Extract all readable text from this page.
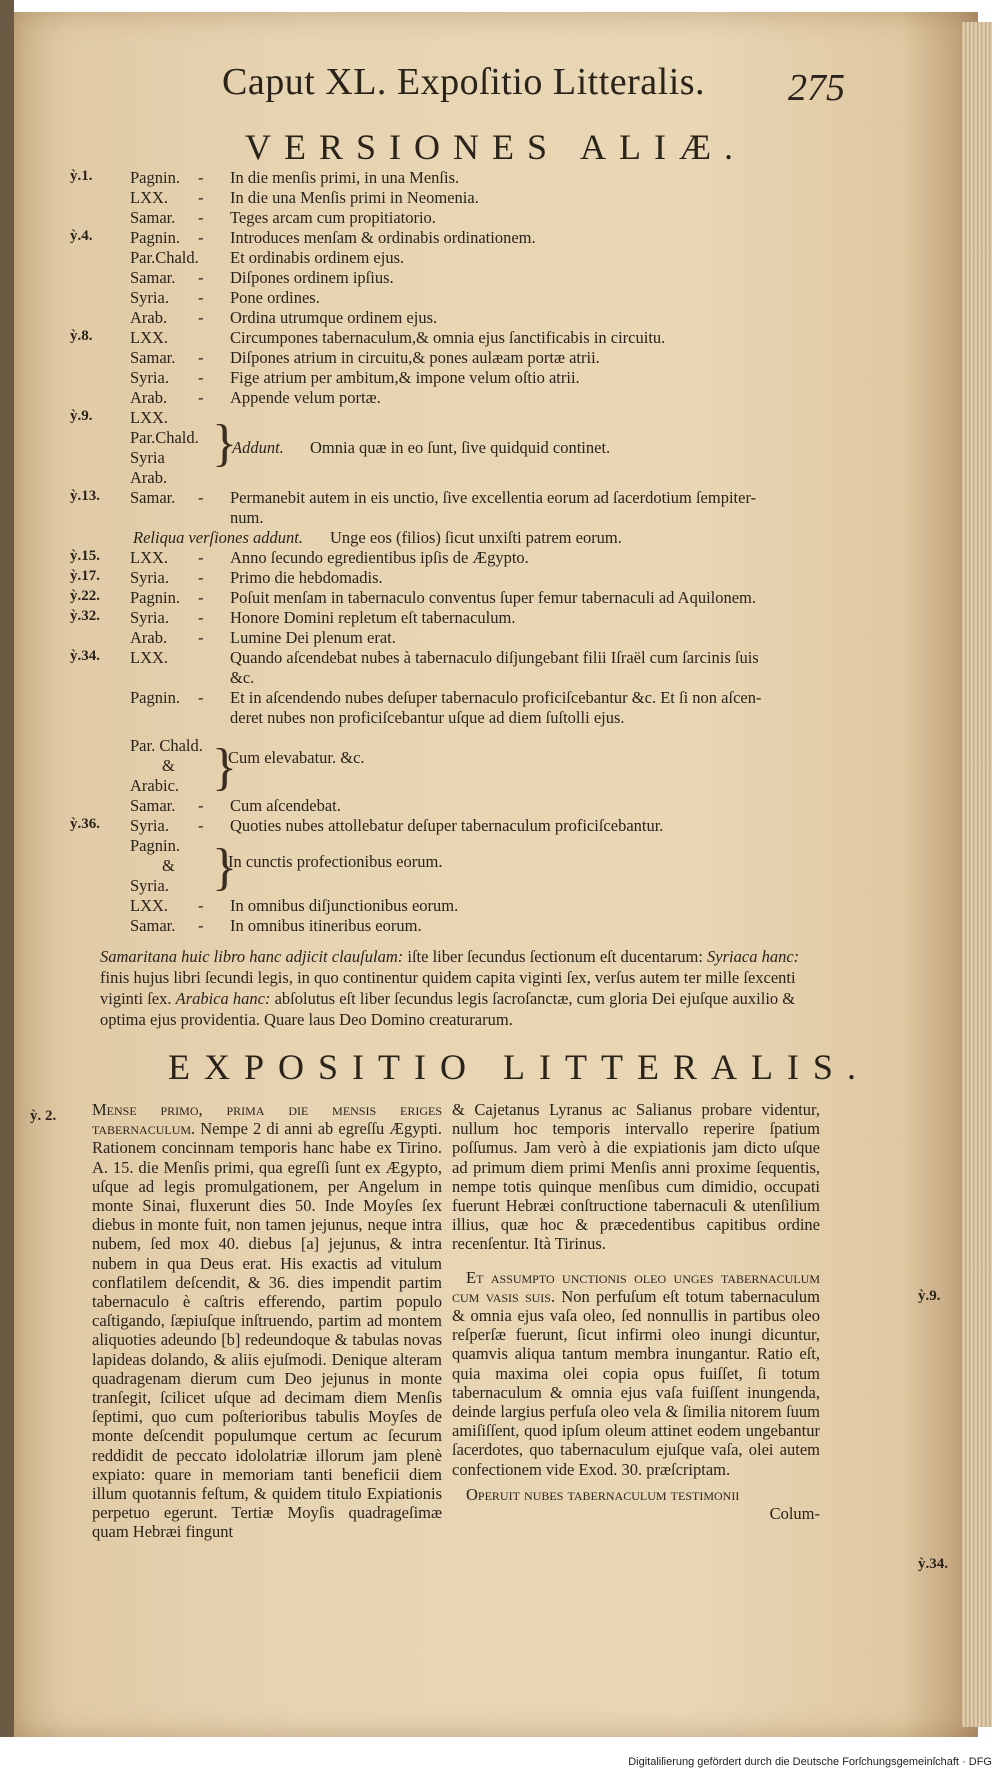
Caput XL. Expoſitio Litteralis. 275
VERSIONES ALIÆ.
ỳ.1. Pagnin. - In die menſis primi, in una Menſis.
LXX. - In die una Menſis primi in Neomenia.
Samar. - Teges arcam cum propitiatorio.
ỳ.4. Pagnin. - Introduces menſam & ordinabis ordinationem.
Par.Chald. Et ordinabis ordinem ejus.
Samar. - Diſpones ordinem ipſius.
Syria. - Pone ordines.
Arab. - Ordina utrumque ordinem ejus.
ỳ.8. LXX.	Circumpones tabernaculum,& omnia ejus ſanctificabis in circuitu.
Samar. - Diſpones atrium in circuitu,& pones aulæam portæ atrii.
Syria. - Fige atrium per ambitum,& impone velum oſtio atrii.
Arab. - Appende velum portæ.
ỳ.9. LXX.
Par.Chald.
Syria
Arab.
}
Addunt. Omnia quæ in eo ſunt, ſive quidquid continet.
ỳ.13. Samar. - Permanebit autem in eis unctio, ſive excellentia eorum ad ſacerdotium ſempiter-
num.
Reliqua verſiones addunt. Unge eos (filios) ſicut unxiſti patrem eorum.
ỳ.15. LXX. - Anno ſecundo egredientibus ipſis de Ægypto.
ỳ.17. Syria. - Primo die hebdomadis.
ỳ.22. Pagnin. - Poſuit menſam in tabernaculo conventus ſuper femur tabernaculi ad Aquilonem.
ỳ.32. Syria. - Honore Domini repletum eſt tabernaculum.
Arab. - Lumine Dei plenum erat.
ỳ.34. LXX.	Quando aſcendebat nubes à tabernaculo diſjungebant filii Iſraël cum ſarcinis ſuis
&c.
Pagnin. - Et in aſcendendo nubes deſuper tabernaculo proficiſcebantur &c. Et ſi non aſcen-
deret nubes non proficiſcebantur uſque ad diem ſuſtolli ejus.
Par. Chald.
&
Arabic. }
Cum elevabatur. &c.
Samar. - Cum aſcendebat.
ỳ.36. Syria. - Quoties nubes attollebatur deſuper tabernaculum proficiſcebantur.
Pagnin.
&
Syria. }
In cunctis profectionibus eorum.
LXX. - In omnibus diſjunctionibus eorum.
Samar. - In omnibus itineribus eorum.
Samaritana huic libro hanc adjicit clauſulam: iſte liber ſecundus ſectionum eſt ducentarum: Syriaca hanc: finis hujus libri ſecundi legis, in quo continentur quidem capita viginti ſex, verſus autem ter mille ſexcenti viginti ſex. Arabica hanc: abſolutus eſt liber ſecundus legis ſacroſanctæ, cum gloria Dei ejuſque auxilio & optima ejus providentia. Quare laus Deo Domino creaturarum.
EXPOSITIO LITTERALIS.
ỳ. 2.
ỳ.9.
ỳ.34.
Menſe primo, prima die menſis eriges tabernaculum. Nempe 2 di anni ab egreſſu Ægypti. Rationem concinnam temporis hanc habe ex Tirino. A. 15. die Menſis primi, qua egreſſi ſunt ex Ægypto, uſque ad legis promulgationem, per Angelum in monte Sinai, fluxerunt dies 50. Inde Moyſes ſex diebus in monte fuit, non tamen jejunus, neque intra nubem, ſed mox 40. diebus [a] jejunus, & intra nubem in qua Deus erat. His exactis ad vitulum conflatilem deſcendit, & 36. dies impendit partim tabernaculo è caſtris efferendo, partim populo caſtigando, ſæpiuſque inſtruendo, partim ad montem aliquoties adeundo [b] redeundoque & tabulas novas lapideas dolando, & aliis ejuſmodi. Denique alteram quadragenam dierum cum Deo jejunus in monte tranſegit, ſcilicet uſque ad decimam diem Menſis ſeptimi, quo cum poſterioribus tabulis Moyſes de monte deſcendit populumque certum ac ſecurum reddidit de peccato idololatriæ illorum jam plenè expiato: quare in memoriam tanti beneficii diem illum quotannis feſtum, & quidem titulo Expiationis perpetuo egerunt. Tertiæ Moyſis quadrageſimæ quam Hebræi fingunt
& Cajetanus Lyranus ac Salianus probare videntur, nullum hoc temporis intervallo reperire ſpatium poſſumus. Jam verò à die expiationis jam dicto uſque ad primum diem primi Menſis anni proxime ſequentis, nempe totis quinque menſibus cum dimidio, occupati fuerunt Hebræi conſtructione tabernaculi & utenſilium illius, quæ hoc & præcedentibus capitibus ordine recenſentur. Ità Tirinus.
Et aſſumpto unctionis oleo unges tabernaculum cum vaſis ſuis. Non perfuſum eſt totum tabernaculum & omnia ejus vaſa oleo, ſed nonnullis in partibus oleo reſperſæ fuerunt, ſicut infirmi oleo inungi dicuntur, quamvis aliqua tantum membra inungantur. Ratio eſt, quia maxima olei copia opus fuiſſet, ſi totum tabernaculum & omnia ejus vaſa fuiſſent inungenda, deinde largius perfuſa oleo vela & ſimilia nitorem ſuum amiſiſſent, quod ipſum oleum attinet eodem ungebantur ſacerdotes, quo tabernaculum ejuſque vaſa, olei autem confectionem vide Exod. 30. præſcriptam.
Operuit nubes tabernaculum testimonii
Colum-
Digitaliſierung gefördert durch die Deutsche Forſchungsgemeinſchaft · DFG
